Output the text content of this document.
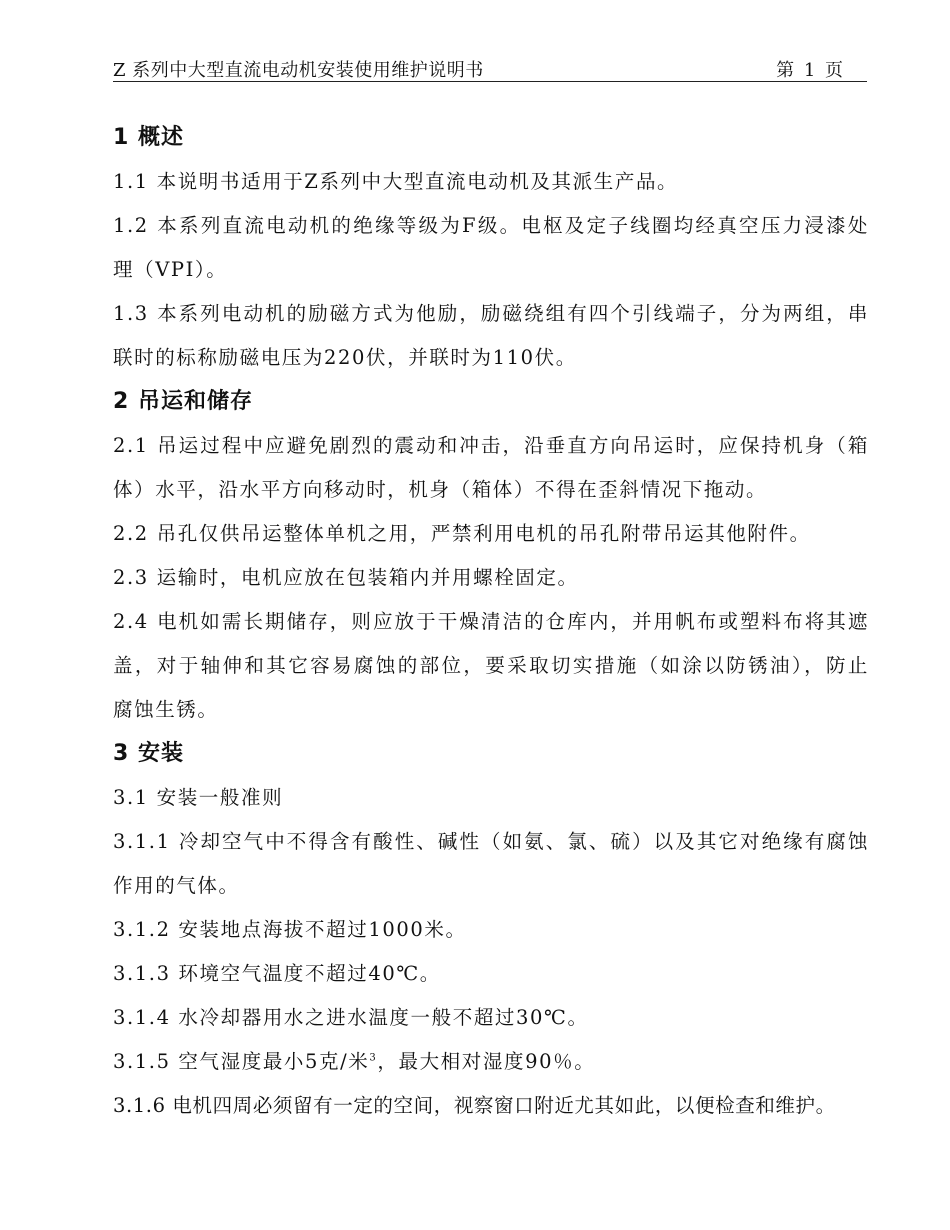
Z 系列中大型直流电动机安装使用维护说明书	第 1 页
1 概述
1.1 本说明书适用于Z系列中大型直流电动机及其派生产品。
1.2 本系列直流电动机的绝缘等级为F级。电枢及定子线圈均经真空压力浸漆处
理（VPI）。
1.3 本系列电动机的励磁方式为他励，励磁绕组有四个引线端子，分为两组，串
联时的标称励磁电压为220伏，并联时为110伏。
2 吊运和储存
2.1 吊运过程中应避免剧烈的震动和冲击，沿垂直方向吊运时，应保持机身（箱
体）水平，沿水平方向移动时，机身（箱体）不得在歪斜情况下拖动。
2.2 吊孔仅供吊运整体单机之用，严禁利用电机的吊孔附带吊运其他附件。
2.3 运输时，电机应放在包装箱内并用螺栓固定。
2.4 电机如需长期储存，则应放于干燥清洁的仓库内，并用帆布或塑料布将其遮
盖，对于轴伸和其它容易腐蚀的部位，要采取切实措施（如涂以防锈油），防止
腐蚀生锈。
3 安装
3.1 安装一般准则
3.1.1 冷却空气中不得含有酸性、碱性（如氨、氯、硫）以及其它对绝缘有腐蚀
作用的气体。
3.1.2 安装地点海拔不超过1000米。
3.1.3 环境空气温度不超过40℃。
3.1.4 水冷却器用水之进水温度一般不超过30℃。
3.1.5 空气湿度最小5克/米$^3$，最大相对湿度90％。
3.1.6 电机四周必须留有一定的空间，视察窗口附近尤其如此，以便检查和维护。
